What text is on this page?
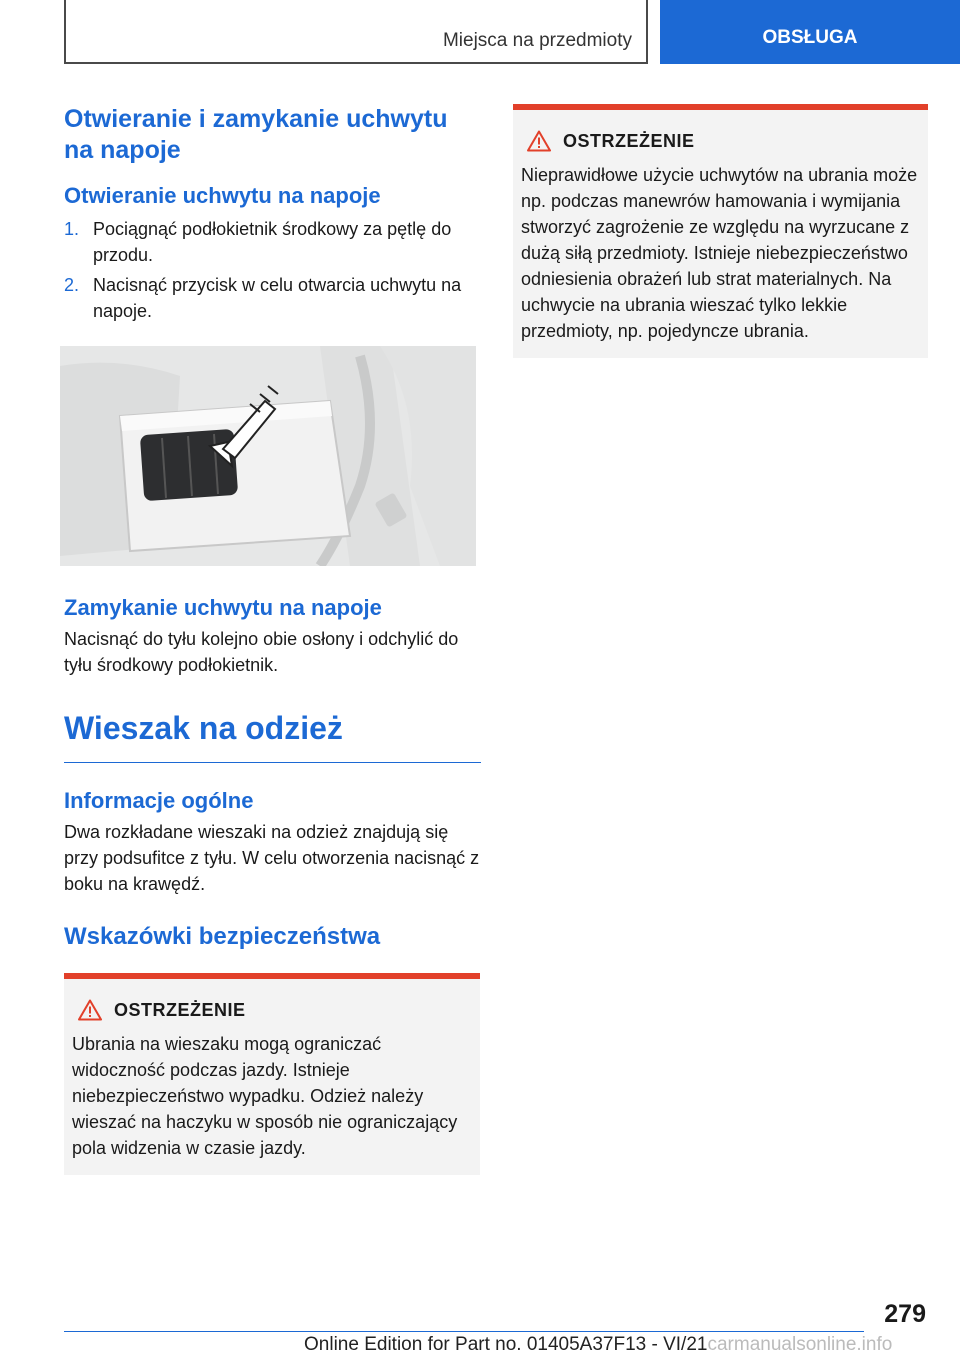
Miejsca na przedmioty	OBSŁUGA
Otwieranie i zamykanie uchwytu na napoje
Otwieranie uchwytu na napoje
1. Pociągnąć podłokietnik środkowy za pętlę do przodu.
2. Nacisnąć przycisk w celu otwarcia uchwytu na napoje.
Zamykanie uchwytu na napoje

Nacisnąć do tyłu kolejno obie osłony i odchylić do tyłu środkowy podłokietnik.

Wieszak na odzież
Informacje ogólne

Dwa rozkładane wieszaki na odzież znajdują się przy podsufitce z tyłu. W celu otworzenia nacisnąć z boku na krawędź.

Wskazówki bezpieczeństwa
OSTRZEŻENIE

Ubrania na wieszaku mogą ograniczać widoczność podczas jazdy. Istnieje niebezpieczeństwo wypadku. Odzież należy wieszać na haczyku w sposób nie ograniczający pola widzenia w czasie jazdy.

OSTRZEŻENIE

Nieprawidłowe użycie uchwytów na ubrania może np. podczas manewrów hamowania i wymijania stworzyć zagrożenie ze względu na wyrzucane z dużą siłą przedmioty. Istnieje niebezpieczeństwo odniesienia obrażeń lub strat materialnych. Na uchwycie na ubrania wieszać tylko lekkie przedmioty, np. pojedyncze ubrania.

279
Online Edition for Part no. 01405A37F13 - VI/21carmanualsonline.info
